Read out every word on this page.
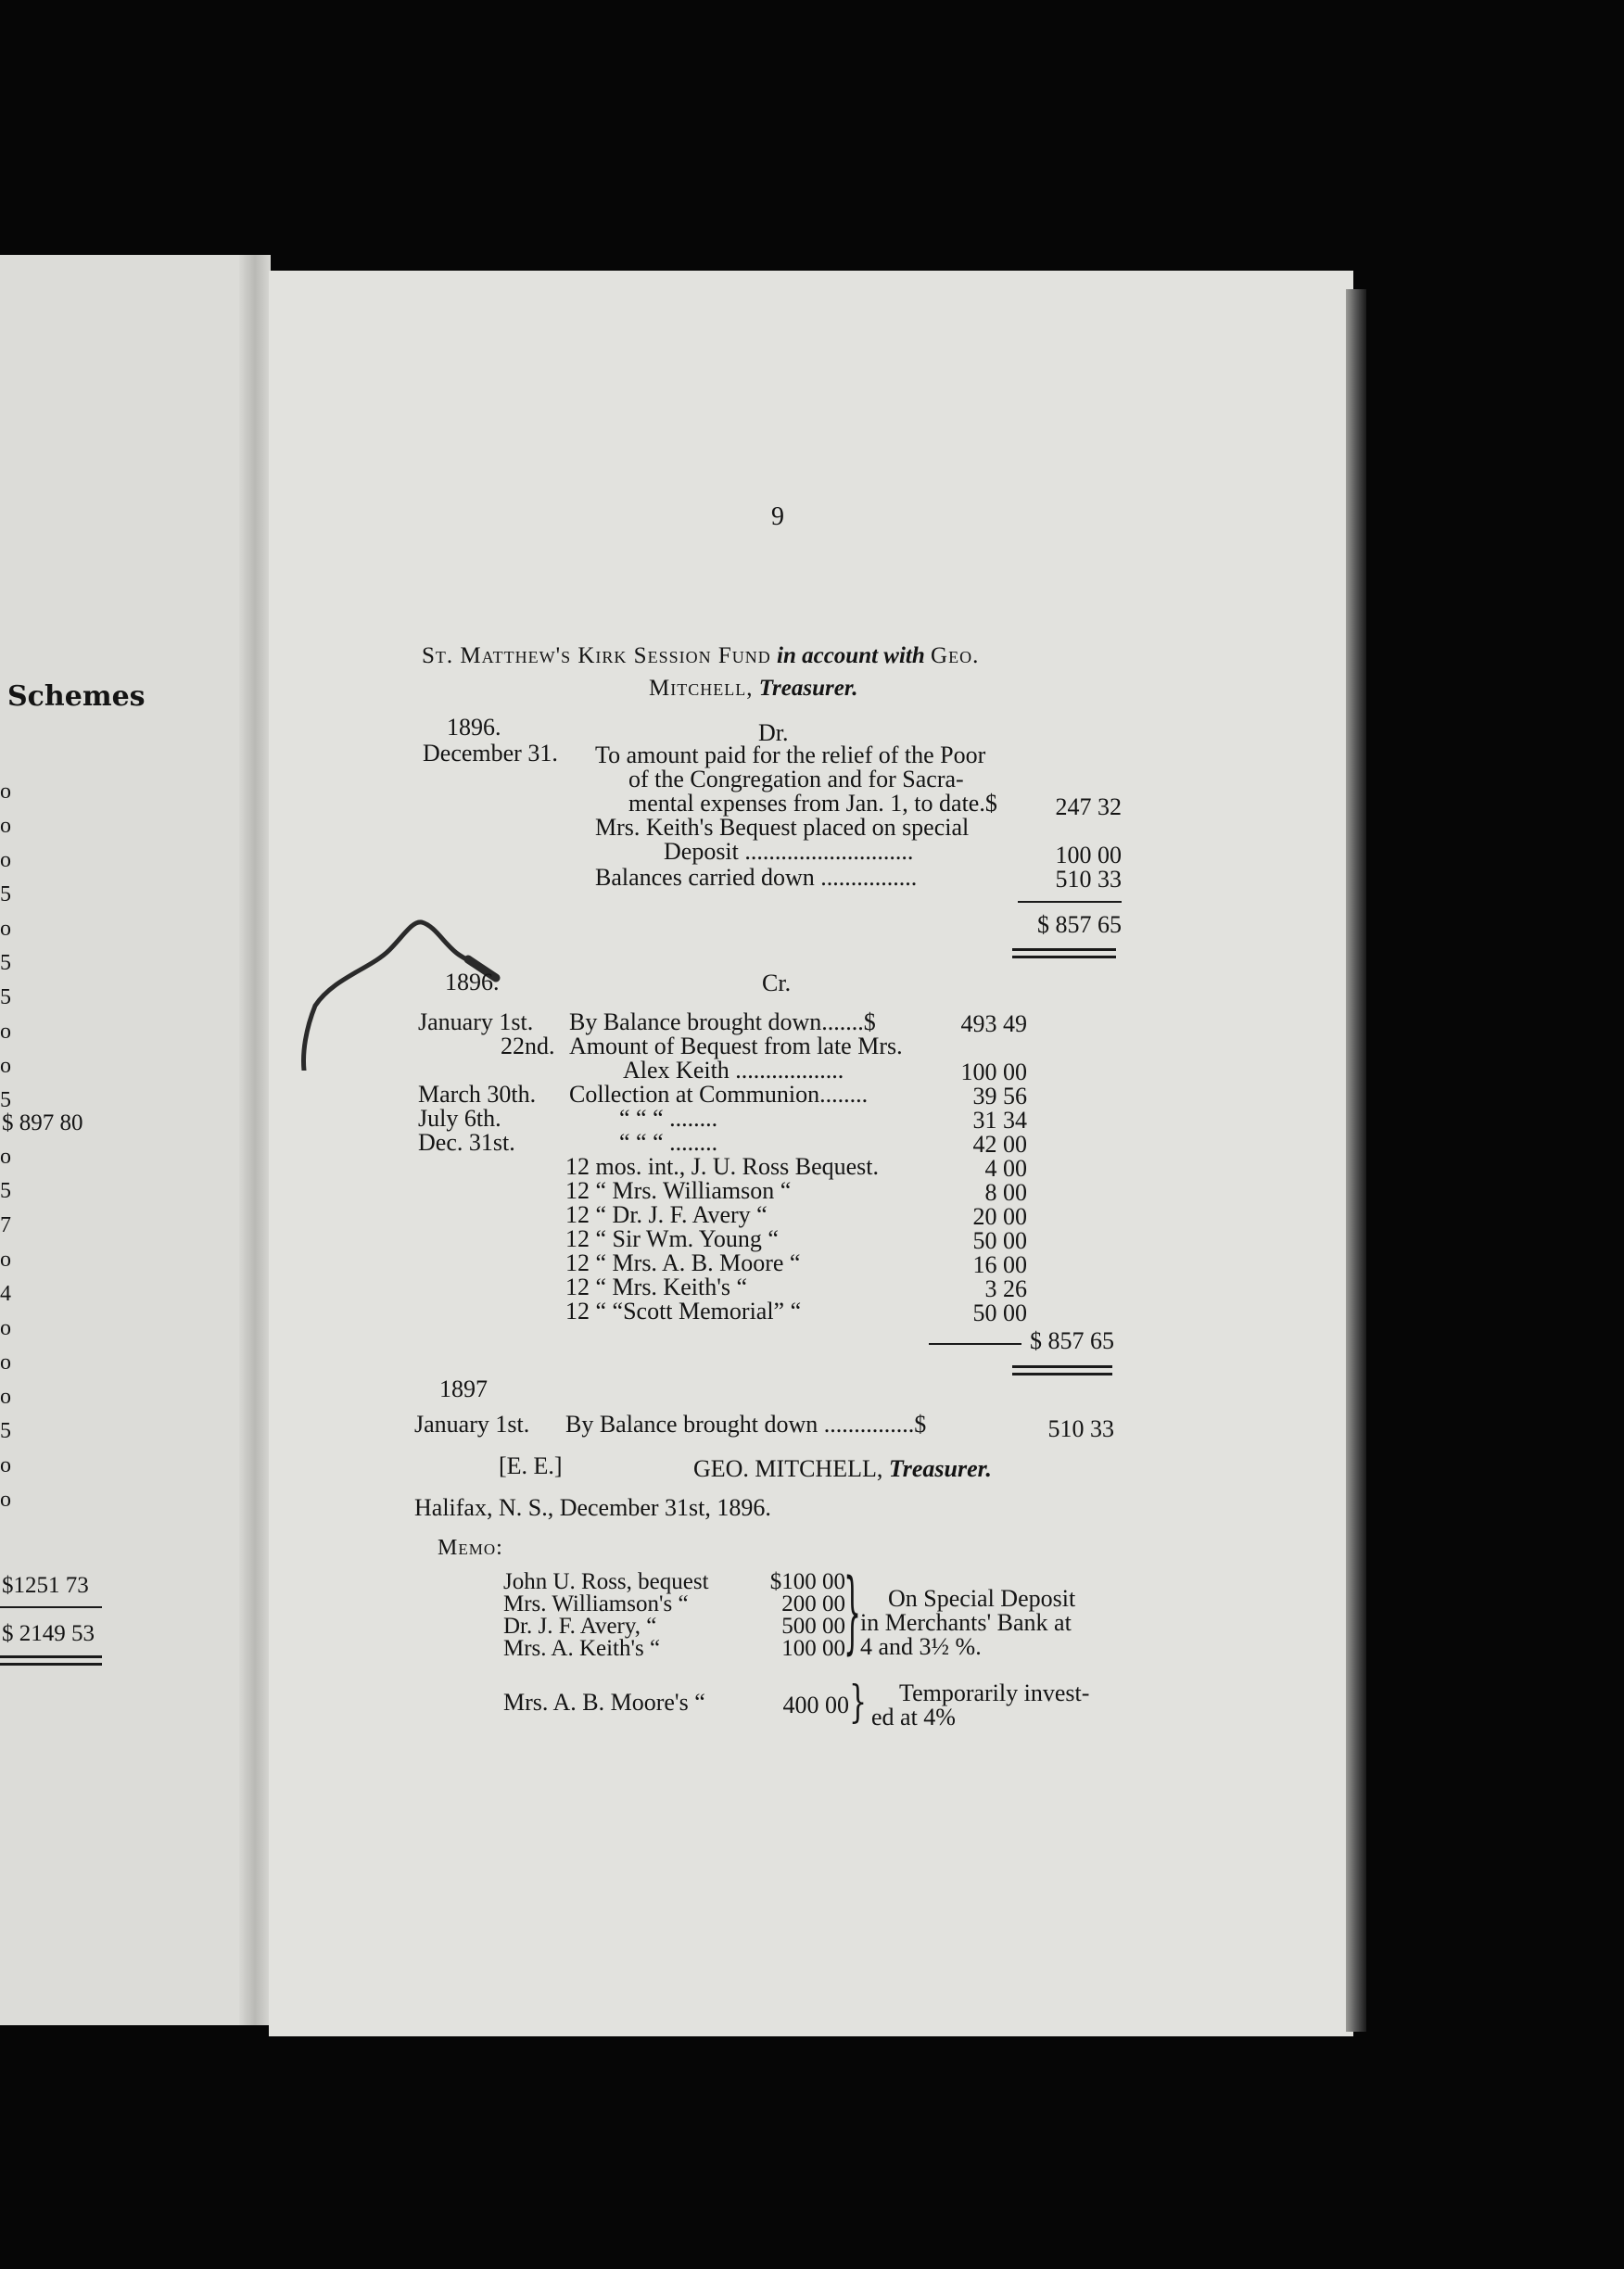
Schemes
o
o
o
5
o
5
5
o
o
5
o
5
7
o
4
o
o
o
5
o
o
$ 897 80
$1251 73
$ 2149 53
9
St. Matthew's Kirk Session Fund in account with Geo.
Mitchell, Treasurer.
1896.	Dr.
December 31. To amount paid for the relief of the Poor
of the Congregation and for Sacra-
mental expenses from Jan. 1, to date.$	247 32
Mrs. Keith's Bequest placed on special
Deposit ............................	100 00
Balances carried down ................	510 33
$ 857 65
1896.	Cr.
January 1st. By Balance brought down.......$	493 49
22nd. Amount of Bequest from late Mrs.
Alex Keith ..................	100 00
March 30th. Collection at Communion........	39 56
July 6th.	“ “ “ ........	31 34
Dec. 31st.	“ “ “ ........	42 00
12 mos. int., J. U. Ross Bequest.	4 00
12 “ Mrs. Williamson “	8 00
12 “ Dr. J. F. Avery “	20 00
12 “ Sir Wm. Young “	50 00
12 “ Mrs. A. B. Moore “	16 00
12 “ Mrs. Keith's “	3 26
12 “ “Scott Memorial” “	50 00
$ 857 65
1897
January 1st. By Balance brought down ...............$	510 33
[E. E.]	GEO. MITCHELL, Treasurer.
Halifax, N. S., December 31st, 1896.
Memo:
John U. Ross, bequest	$100 00
Mrs. Williamson's “	200 00
Dr. J. F. Avery, “	500 00
Mrs. A. Keith's “	100 00
} On Special Deposit
in Merchants' Bank at
4 and 3½ %.
Mrs. A. B. Moore's “	400 00 } Temporarily invest-
ed at 4%
